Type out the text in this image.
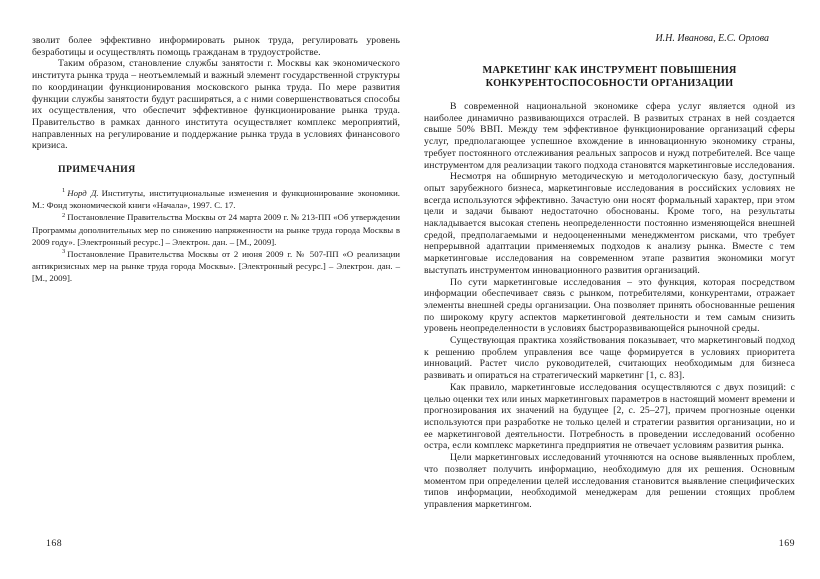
зволит более эффективно информировать рынок труда, регулировать уровень безработицы и осуществлять помощь гражданам в трудоустройстве.

Таким образом, становление службы занятости г. Москвы как экономического института рынка труда – неотъемлемый и важный элемент государственной структуры по координации функционирования московского рынка труда. По мере развития функции службы занятости будут расширяться, а с ними совершенствоваться способы их осуществления, что обеспечит эффективное функционирование рынка труда. Правительство в рамках данного института осуществляет комплекс мероприятий, направленных на регулирование и поддержание рынка труда в условиях финансового кризиса.

ПРИМЕЧАНИЯ

$^1$ Норд Д. Институты, институциональные изменения и функционирование экономики. М.: Фонд экономической книги «Начала», 1997. С. 17.

$^2$ Постановление Правительства Москвы от 24 марта 2009 г. № 213-ПП «Об утверждении Программы дополнительных мер по снижению напряженности на рынке труда города Москвы в 2009 году». [Электронный ресурс.] – Электрон. дан. – [М., 2009].

$^3$ Постановление Правительства Москвы от 2 июня 2009 г. № 507-ПП «О реализации антикризисных мер на рынке труда города Москвы». [Электронный ресурс.] – Электрон. дан. – [М., 2009].

168
И.Н. Иванова, Е.С. Орлова
МАРКЕТИНГ КАК ИНСТРУМЕНТ ПОВЫШЕНИЯ
КОНКУРЕНТОСПОСОБНОСТИ ОРГАНИЗАЦИИ

В современной национальной экономике сфера услуг является одной из наиболее динамично развивающихся отраслей. В развитых странах в ней создается свыше 50% ВВП. Между тем эффективное функционирование организаций сферы услуг, предполагающее успешное вхождение в инновационную экономику страны, требует постоянного отслеживания реальных запросов и нужд потребителей. Все чаще инструментом для реализации такого подхода становятся маркетинговые исследования.

Несмотря на обширную методическую и методологическую базу, доступный опыт зарубежного бизнеса, маркетинговые исследования в российских условиях не всегда используются эффективно. Зачастую они носят формальный характер, при этом цели и задачи бывают недостаточно обоснованы. Кроме того, на результаты накладывается высокая степень неопределенности постоянно изменяющейся внешней средой, предполагаемыми и недооцененными менеджментом рисками, что требует непрерывной адаптации применяемых подходов к анализу рынка. Вместе с тем маркетинговые исследования на современном этапе развития экономики могут выступать инструментом инновационного развития организаций.

По сути маркетинговые исследования – это функция, которая посредством информации обеспечивает связь с рынком, потребителями, конкурентами, отражает элементы внешней среды организации. Она позволяет принять обоснованные решения по широкому кругу аспектов маркетинговой деятельности и тем самым снизить уровень неопределенности в условиях быстроразвивающейся рыночной среды.

Существующая практика хозяйствования показывает, что маркетинговый подход к решению проблем управления все чаще формируется в условиях приоритета инноваций. Растет число руководителей, считающих необходимым для бизнеса развивать и опираться на стратегический маркетинг [1, с. 83].

Как правило, маркетинговые исследования осуществляются с двух позиций: с целью оценки тех или иных маркетинговых параметров в настоящий момент времени и прогнозирования их значений на будущее [2, с. 25–27], причем прогнозные оценки используются при разработке не только целей и стратегии развития организации, но и ее маркетинговой деятельности. Потребность в проведении исследований особенно остра, если комплекс маркетинга предприятия не отвечает условиям развития рынка.

Цели маркетинговых исследований уточняются на основе выявленных проблем, что позволяет получить информацию, необходимую для их решения. Основным моментом при определении целей исследования становится выявление специфических типов информации, необходимой менеджерам для решении стоящих проблем управления маркетингом.

169
